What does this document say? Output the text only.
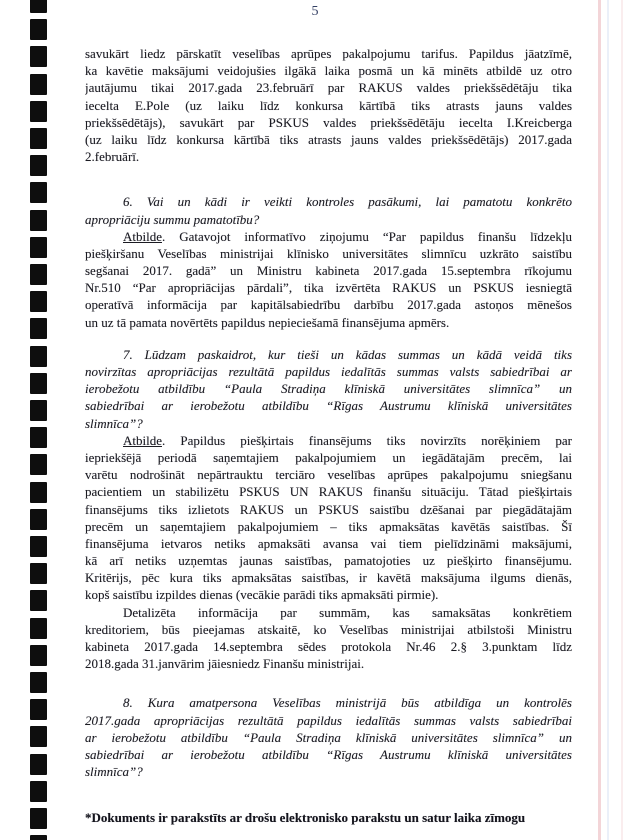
5
savukārt liedz pārskatīt veselības aprūpes pakalpojumu tarifus. Papildus jāatzīmē,
ka kavētie maksājumi veidojušies ilgākā laika posmā un kā minēts atbildē uz otro
jautājumu tikai 2017.gada 23.februārī par RAKUS valdes priekšsēdētāju tika
iecelta E.Pole (uz laiku līdz konkursa kārtībā tiks atrasts jauns valdes
priekšsēdētājs), savukārt par PSKUS valdes priekšsēdētāju iecelta I.Kreicberga
(uz laiku līdz konkursa kārtībā tiks atrasts jauns valdes priekšsēdētājs) 2017.gada
2.februārī.
6. Vai un kādi ir veikti kontroles pasākumi, lai pamatotu konkrēto
apropriāciju summu pamatotību?
Atbilde. Gatavojot informatīvo ziņojumu “Par papildus finanšu līdzekļu
piešķiršanu Veselības ministrijai klīnisko universitātes slimnīcu uzkrāto saistību
segšanai 2017. gadā” un Ministru kabineta 2017.gada 15.septembra rīkojumu
Nr.510 “Par apropriācijas pārdali”, tika izvērtēta RAKUS un PSKUS iesniegtā
operatīvā informācija par kapitālsabiedrību darbību 2017.gada astoņos mēnešos
un uz tā pamata novērtēts papildus nepieciešamā finansējuma apmērs.
7. Lūdzam paskaidrot, kur tieši un kādas summas un kādā veidā tiks
novirzītas apropriācijas rezultātā papildus iedalītās summas valsts sabiedrībai ar
ierobežotu atbildību “Paula Stradiņa klīniskā universitātes slimnīca” un
sabiedrībai ar ierobežotu atbildību “Rīgas Austrumu klīniskā universitātes
slimnīca”?
Atbilde. Papildus piešķirtais finansējums tiks novirzīts norēķiniem par
iepriekšējā periodā saņemtajiem pakalpojumiem un iegādātajām precēm, lai
varētu nodrošināt nepārtrauktu terciāro veselības aprūpes pakalpojumu sniegšanu
pacientiem un stabilizētu PSKUS UN RAKUS finanšu situāciju. Tātad piešķirtais
finansējums tiks izlietots RAKUS un PSKUS saistību dzēšanai par piegādātajām
precēm un saņemtajiem pakalpojumiem – tiks apmaksātas kavētās saistības. Šī
finansējuma ietvaros netiks apmaksāti avansa vai tiem pielīdzināmi maksājumi,
kā arī netiks uzņemtas jaunas saistības, pamatojoties uz piešķirto finansējumu.
Kritērijs, pēc kura tiks apmaksātas saistības, ir kavētā maksājuma ilgums dienās,
kopš saistību izpildes dienas (vecākie parādi tiks apmaksāti pirmie).
Detalizēta informācija par summām, kas samaksātas konkrētiem
kreditoriem, būs pieejamas atskaitē, ko Veselības ministrijai atbilstoši Ministru
kabineta 2017.gada 14.septembra sēdes protokola Nr.46 2.§ 3.punktam līdz
2018.gada 31.janvārim jāiesniedz Finanšu ministrijai.
8. Kura amatpersona Veselības ministrijā būs atbildīga un kontrolēs
2017.gada apropriācijas rezultātā papildus iedalītās summas valsts sabiedrībai
ar ierobežotu atbildību “Paula Stradiņa klīniskā universitātes slimnīca” un
sabiedrībai ar ierobežotu atbildību “Rīgas Austrumu klīniskā universitātes
slimnīca”?
*Dokuments ir parakstīts ar drošu elektronisko parakstu un satur laika zīmogu
